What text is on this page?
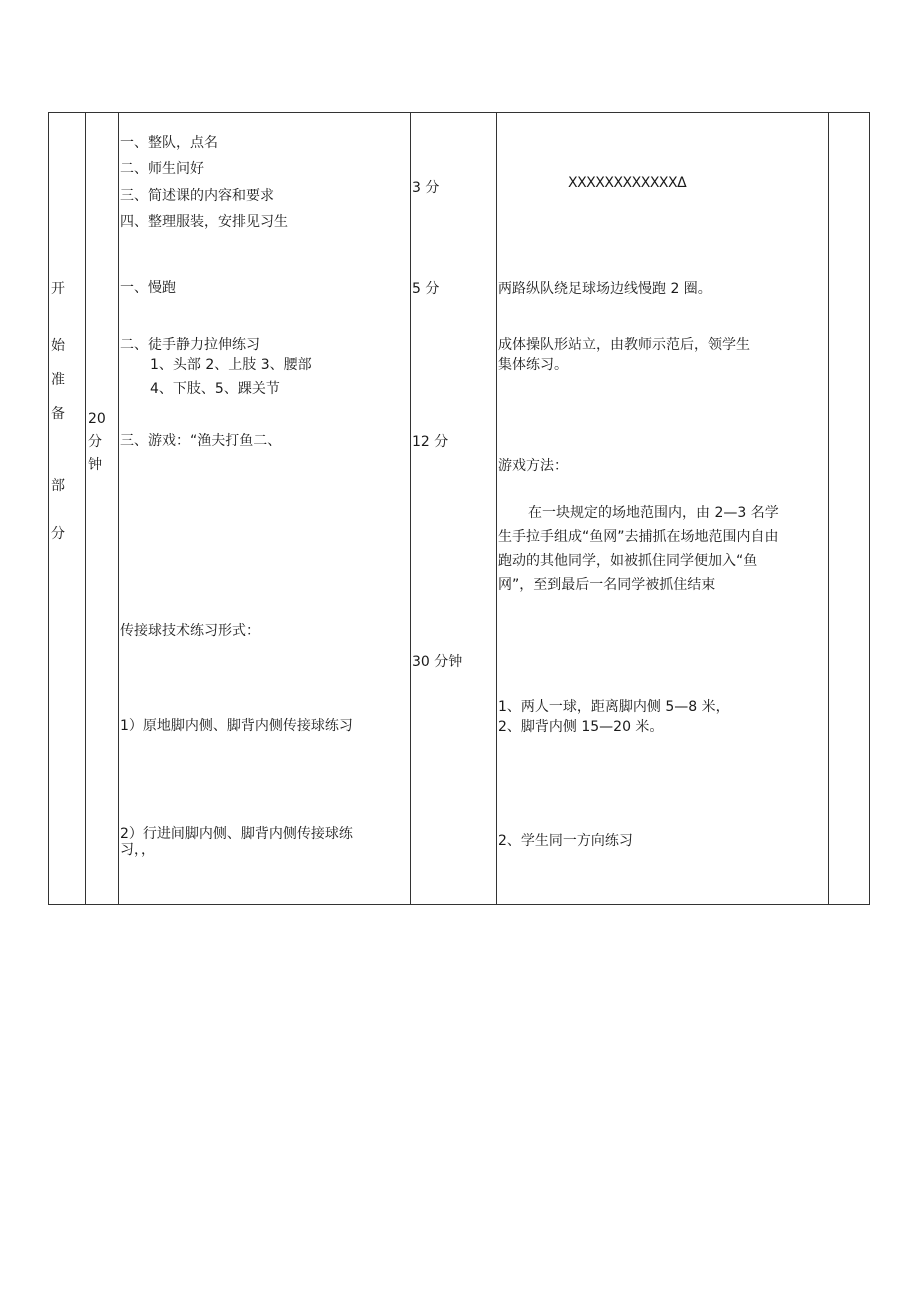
开
始
准
备
部
分
20
分
钟
一、整队，点名
二、师生问好
三、简述课的内容和要求
四、整理服装，安排见习生
一、慢跑
二、徒手静力拉伸练习
1、头部 2、上肢 3、腰部
4、下肢、5、踝关节
三、游戏：“渔夫打鱼二、
传接球技术练习形式：
1）原地脚内侧、脚背内侧传接球练习
2）行进间脚内侧、脚背内侧传接球练
习，，
3 分
5 分
12 分
30 分钟
XXXXXXXXXXXXΔ
两路纵队绕足球场边线慢跑 2 圈。
成体操队形站立，由教师示范后，领学生
集体练习。
游戏方法：
在一块规定的场地范围内，由 2—3 名学
生手拉手组成“鱼网”去捕抓在场地范围内自由
跑动的其他同学，如被抓住同学便加入“鱼
网”，至到最后一名同学被抓住结束
1、两人一球，距离脚内侧 5—8 米，
2、脚背内侧 15—20 米。
2、学生同一方向练习
